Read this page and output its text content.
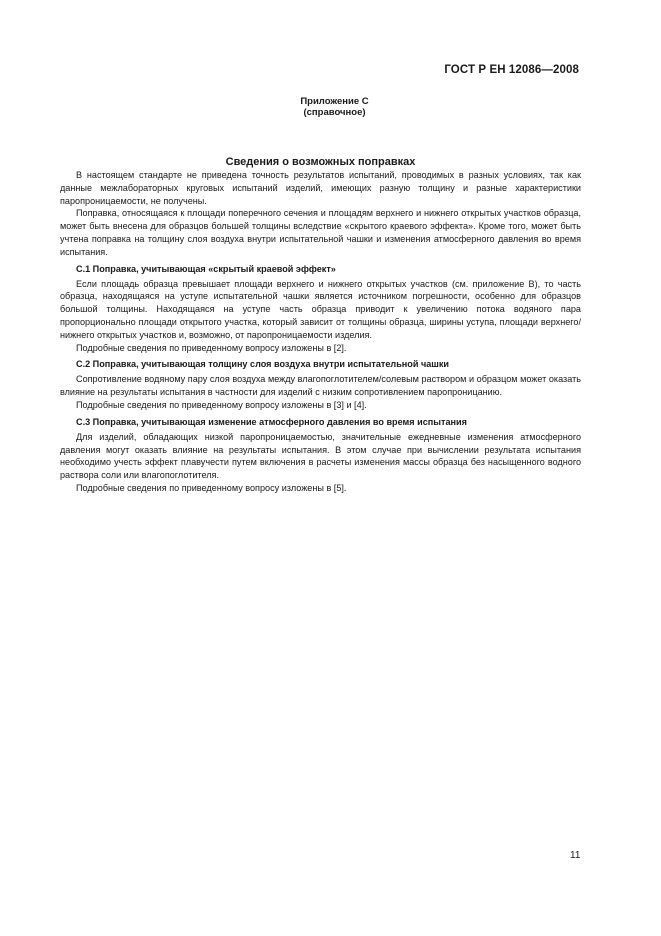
ГОСТ Р ЕН 12086—2008
Приложение С
(справочное)
Сведения о возможных поправках

В настоящем стандарте не приведена точность результатов испытаний, проводимых в разных условиях, так как данные межлабораторных круговых испытаний изделий, имеющих разную толщину и разные характеристики паропроницаемости, не получены.

Поправка, относящаяся к площади поперечного сечения и площадям верхнего и нижнего открытых участков образца, может быть внесена для образцов большей толщины вследствие «скрытого краевого эффекта». Кроме того, может быть учтена поправка на толщину слоя воздуха внутри испытательной чашки и изменения атмосферного давления во время испытания.

С.1 Поправка, учитывающая «скрытый краевой эффект»

Если площадь образца превышает площади верхнего и нижнего открытых участков (см. приложение В), то часть образца, находящаяся на уступе испытательной чашки является источником погрешности, особенно для образцов большой толщины. Находящаяся на уступе часть образца приводит к увеличению потока водяного пара пропорционально площади открытого участка, который зависит от толщины образца, ширины уступа, площади верхнего/нижнего открытых участков и, возможно, от паропроницаемости изделия.

Подробные сведения по приведенному вопросу изложены в [2].

С.2 Поправка, учитывающая толщину слоя воздуха внутри испытательной чашки

Сопротивление водяному пару слоя воздуха между влагопоглотителем/солевым раствором и образцом может оказать влияние на результаты испытания в частности для изделий с низким сопротивлением паропроницанию.

Подробные сведения по приведенному вопросу изложены в [3] и [4].

С.3 Поправка, учитывающая изменение атмосферного давления во время испытания

Для изделий, обладающих низкой паропроницаемостью, значительные ежедневные изменения атмосферного давления могут оказать влияние на результаты испытания. В этом случае при вычислении результата испытания необходимо учесть эффект плавучести путем включения в расчеты изменения массы образца без насыщенного водного раствора соли или влагопоглотителя.

Подробные сведения по приведенному вопросу изложены в [5].

11
